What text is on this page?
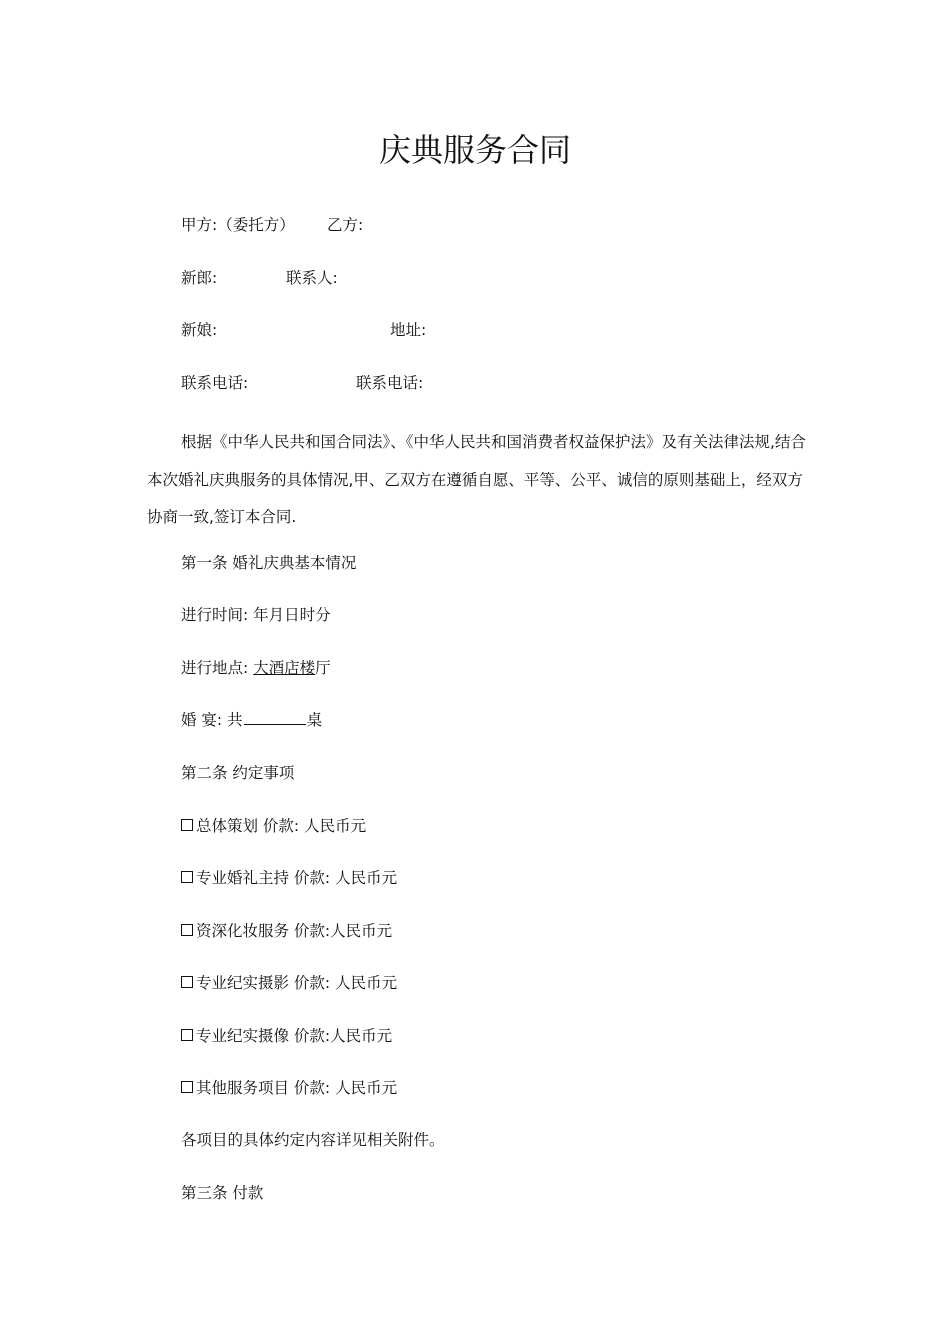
庆典服务合同
甲方:（委托方） 乙方:
新郎:	联系人:
新娘:	地址:
联系电话:	联系电话:
根据《中华人民共和国合同法》、《中华人民共和国消费者权益保护法》及有关法律法规,结合本次婚礼庆典服务的具体情况,甲、乙双方在遵循自愿、平等、公平、诚信的原则基础上，经双方协商一致,签订本合同.
第一条 婚礼庆典基本情况
进行时间: 年月日时分
进行地点: 大酒店楼厅
婚 宴: 共	桌
第二条 约定事项
总体策划 价款: 人民币元
专业婚礼主持 价款: 人民币元
资深化妆服务 价款:人民币元
专业纪实摄影 价款: 人民币元
专业纪实摄像 价款:人民币元
其他服务项目 价款: 人民币元
各项目的具体约定内容详见相关附件。
第三条 付款
